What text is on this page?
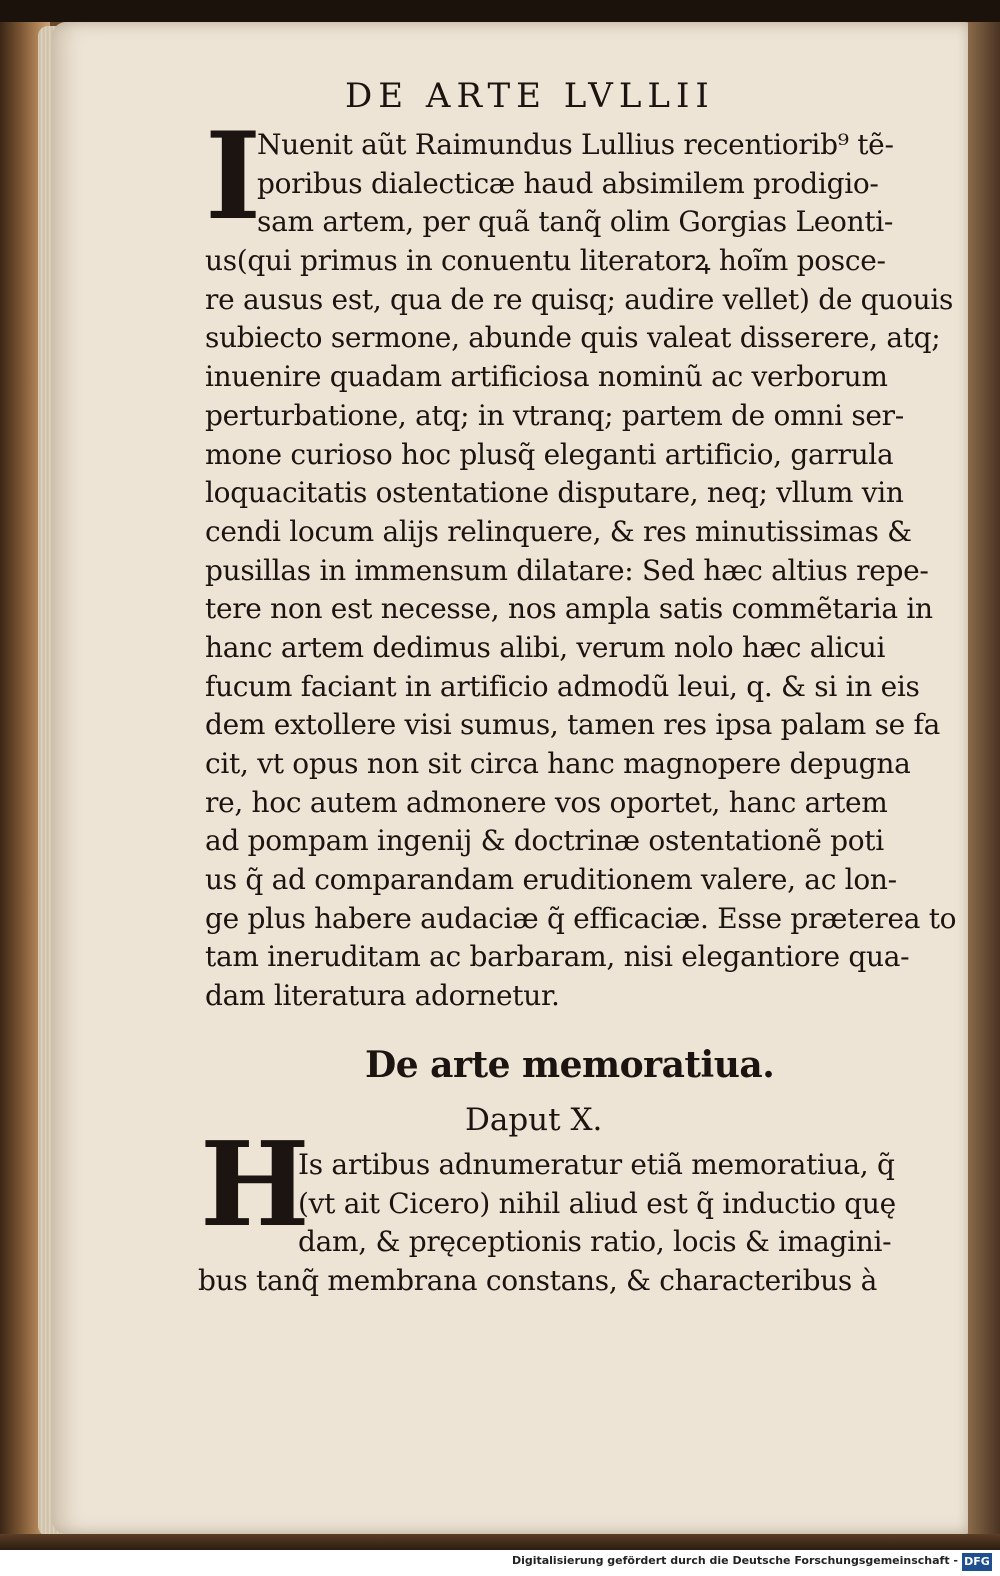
DE ARTE LVLLII
I
Nuenit aũt Raimundus Lullius recentiorib⁹ tẽ-
poribus dialecticæ haud absimilem prodigio-
sam artem, per quã tanq̃ olim Gorgias Leonti-
us(qui primus in conuentu literatorꝝ hoĩm posce-
re ausus est, qua de re quisq; audire vellet) de quouis
subiecto sermone, abunde quis valeat disserere, atq;
inuenire quadam artificiosa nominũ ac verborum
perturbatione, atq; in vtranq; partem de omni ser-
mone curioso hoc plusq̃ eleganti artificio, garrula
loquacitatis ostentatione disputare, neq; vllum vin
cendi locum alijs relinquere, & res minutissimas &
pusillas in immensum dilatare: Sed hæc altius repe-
tere non est necesse, nos ampla satis commẽtaria in
hanc artem dedimus alibi, verum nolo hæc alicui
fucum faciant in artificio admodũ leui, q. & si in eis
dem extollere visi sumus, tamen res ipsa palam se fa
cit, vt opus non sit circa hanc magnopere depugna
re, hoc autem admonere vos oportet, hanc artem
ad pompam ingenij & doctrinæ ostentationẽ poti
us q̃ ad comparandam eruditionem valere, ac lon-
ge plus habere audaciæ q̃ efficaciæ. Esse præterea to
tam ineruditam ac barbaram, nisi elegantiore qua-
dam literatura adornetur.
De arte memoratiua.
Daput X.
H
Is artibus adnumeratur etiã memoratiua, q̃
(vt ait Cicero) nihil aliud est q̃ inductio quę
dam, & pręceptionis ratio, locis & imagini-
bus tanq̃ membrana constans, & characteribus à
Digitalisierung gefördert durch die Deutsche Forschungsgemeinschaft - DFG
